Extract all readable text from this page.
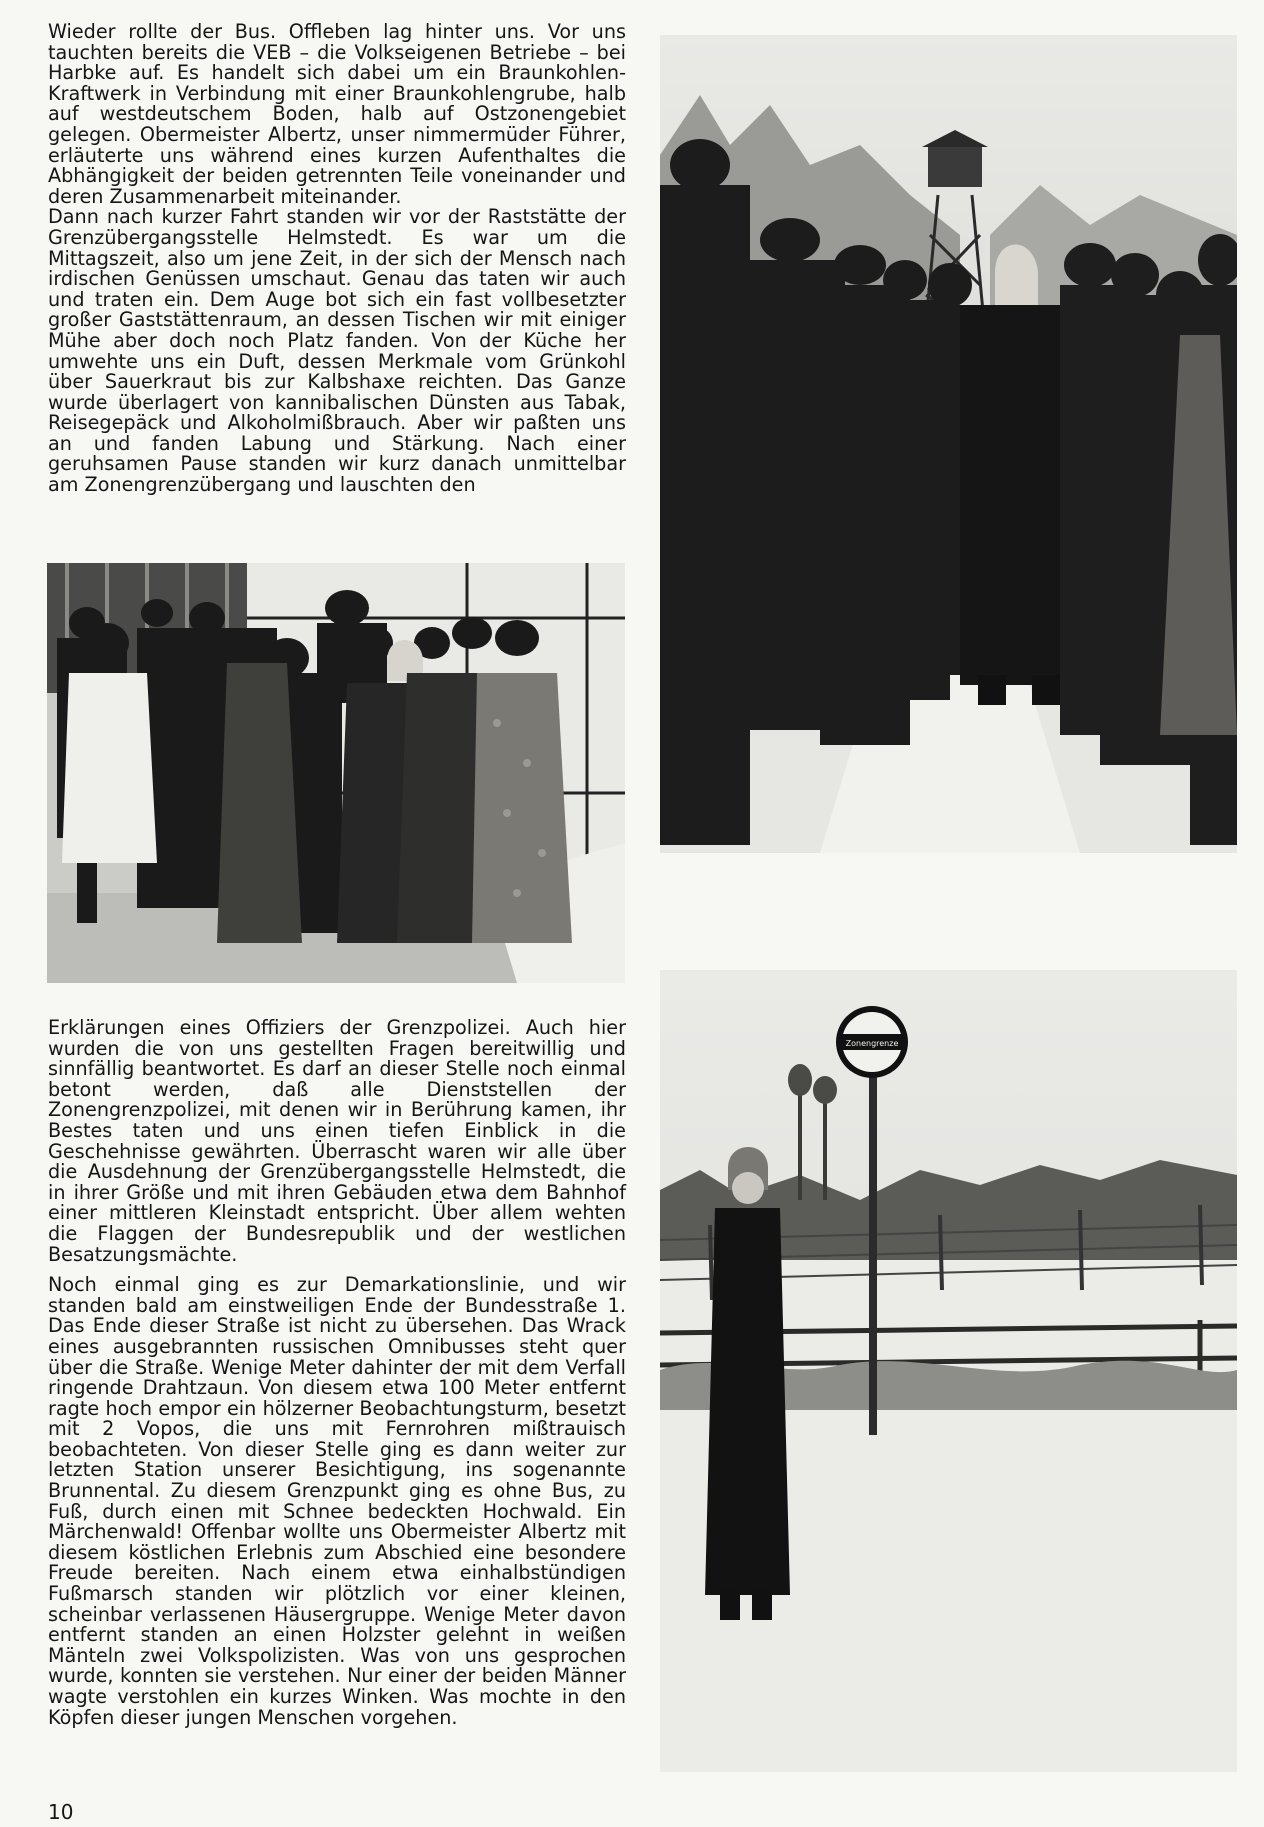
Wieder rollte der Bus. Offleben lag hinter uns. Vor uns tauchten bereits die VEB – die Volkseigenen Betriebe – bei Harbke auf. Es handelt sich dabei um ein Braunkohlen-Kraftwerk in Verbindung mit einer Braunkohlengrube, halb auf westdeutschem Boden, halb auf Ostzonengebiet gelegen. Obermeister Albertz, unser nimmermüder Führer, erläuterte uns während eines kurzen Aufenthaltes die Abhängigkeit der beiden getrennten Teile voneinander und deren Zusammenarbeit miteinander.

Dann nach kurzer Fahrt standen wir vor der Raststätte der Grenzübergangsstelle Helmstedt. Es war um die Mittagszeit, also um jene Zeit, in der sich der Mensch nach irdischen Genüssen umschaut. Genau das taten wir auch und traten ein. Dem Auge bot sich ein fast vollbesetzter großer Gaststättenraum, an dessen Tischen wir mit einiger Mühe aber doch noch Platz fanden. Von der Küche her umwehte uns ein Duft, dessen Merkmale vom Grünkohl über Sauerkraut bis zur Kalbshaxe reichten. Das Ganze wurde überlagert von kannibalischen Dünsten aus Tabak, Reisegepäck und Alkoholmißbrauch. Aber wir paßten uns an und fanden Labung und Stärkung. Nach einer geruhsamen Pause standen wir kurz danach unmittelbar am Zonengrenzübergang und lauschten den

Erklärungen eines Offiziers der Grenzpolizei. Auch hier wurden die von uns gestellten Fragen bereitwillig und sinnfällig beantwortet. Es darf an dieser Stelle noch einmal betont werden, daß alle Dienststellen der Zonengrenzpolizei, mit denen wir in Berührung kamen, ihr Bestes taten und uns einen tiefen Einblick in die Geschehnisse gewährten. Überrascht waren wir alle über die Ausdehnung der Grenzübergangsstelle Helmstedt, die in ihrer Größe und mit ihren Gebäuden etwa dem Bahnhof einer mittleren Kleinstadt entspricht. Über allem wehten die Flaggen der Bundesrepublik und der westlichen Besatzungsmächte.

Noch einmal ging es zur Demarkationslinie, und wir standen bald am einstweiligen Ende der Bundesstraße 1. Das Ende dieser Straße ist nicht zu übersehen. Das Wrack eines ausgebrannten russischen Omnibusses steht quer über die Straße. Wenige Meter dahinter der mit dem Verfall ringende Drahtzaun. Von diesem etwa 100 Meter entfernt ragte hoch empor ein hölzerner Beobachtungsturm, besetzt mit 2 Vopos, die uns mit Fernrohren mißtrauisch beobachteten. Von dieser Stelle ging es dann weiter zur letzten Station unserer Besichtigung, ins sogenannte Brunnental. Zu diesem Grenzpunkt ging es ohne Bus, zu Fuß, durch einen mit Schnee bedeckten Hochwald. Ein Märchenwald! Offenbar wollte uns Obermeister Albertz mit diesem köstlichen Erlebnis zum Abschied eine besondere Freude bereiten. Nach einem etwa einhalbstündigen Fußmarsch standen wir plötzlich vor einer kleinen, scheinbar verlassenen Häusergruppe. Wenige Meter davon entfernt standen an einen Holzster gelehnt in weißen Mänteln zwei Volkspolizisten. Was von uns gesprochen wurde, konnten sie verstehen. Nur einer der beiden Männer wagte verstohlen ein kurzes Winken. Was mochte in den Köpfen dieser jungen Menschen vorgehen.

Zonengrenze
10
